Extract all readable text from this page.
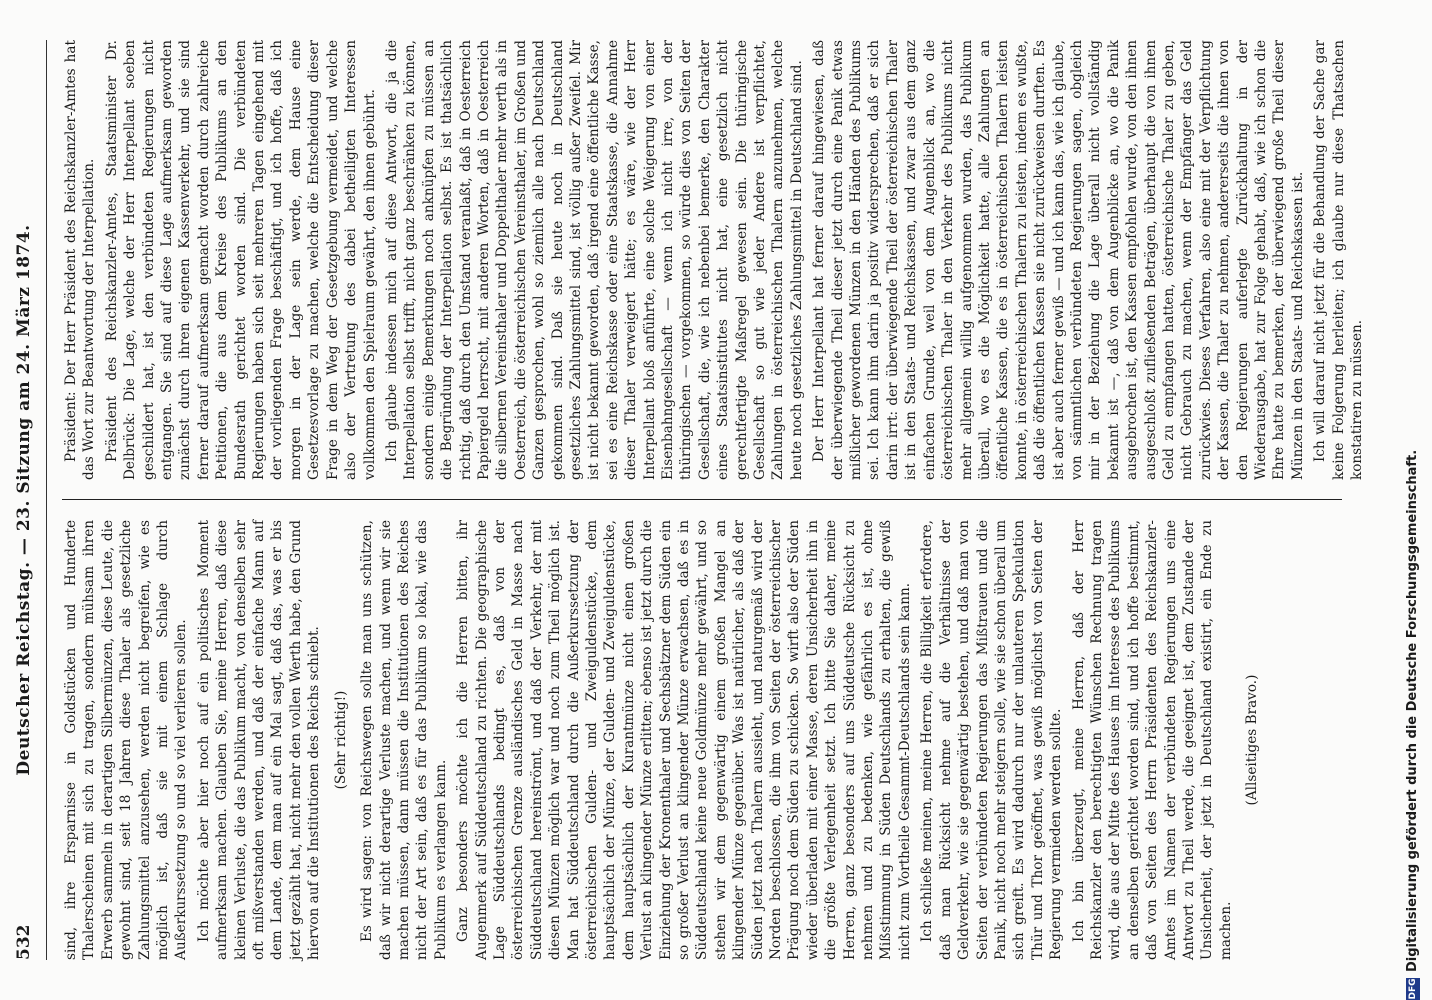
532
Deutscher Reichstag. — 23. Sitzung am 24. März 1874. sind, ihre Ersparnisse in Goldstücken und Hunderte Thalerscheinen mit sich zu tragen, sondern mühsam ihren Erwerb sammeln in derartigen Silbermünzen, diese Leute, die gewohnt sind, seit 18 Jahren diese Thaler als gesetzliche Zahlungsmittel anzusehen, werden nicht begreifen, wie es möglich ist, daß sie mit einem Schlage durch Außerkurssetzung so und so viel verlieren sollen. Ich möchte aber hier noch auf ein politisches Moment aufmerksam machen. Glauben Sie, meine Herren, daß diese kleinen Verluste, die das Publikum macht, von denselben sehr oft mißverstanden werden, und daß der einfache Mann auf dem Lande, dem man auf ein Mal sagt, daß das, was er bis jetzt gezählt hat, nicht mehr den vollen Werth habe, den Grund hiervon auf die Institutionen des Reichs schiebt. (Sehr richtig!) Es wird sagen: von Reichswegen sollte man uns schützen, daß wir nicht derartige Verluste machen, und wenn wir sie machen müssen, dann müssen die Institutionen des Reiches nicht der Art sein, daß es für das Publikum so lokal, wie das Publikum es verlangen kann. Ganz besonders möchte ich die Herren bitten, ihr Augenmerk auf Süddeutschland zu richten. Die geographische Lage Süddeutschlands bedingt es, daß von der österreichischen Grenze ausländisches Geld in Masse nach Süddeutschland hereinströmt, und daß der Verkehr, der mit diesen Münzen möglich war und noch zum Theil möglich ist. Man hat Süddeutschland durch die Außerkurssetzung der österreichischen Gulden- und Zweiguldenstücke, dem hauptsächlich der Münze, der Gulden- und Zweiguldenstücke, dem hauptsächlich der Kurantmünze nicht einen großen Verlust an klingender Münze erlitten; ebenso ist jetzt durch die Einziehung der Kronenthaler und Sechsbätzner dem Süden ein so großer Verlust an klingender Münze erwachsen, daß es in Süddeutschland keine neue Goldmünze mehr gewährt, und so stehen wir dem gegenwärtig einem großen Mangel an klingender Münze gegenüber. Was ist natürlicher, als daß der Süden jetzt nach Thalern aussieht, und naturgemäß wird der Norden beschlossen, die ihm von Seiten der österreichischer Prägung noch dem Süden zu schicken. So wirft also der Süden wieder überladen mit einer Masse, deren Unsicherheit ihn in die größte Verlegenheit setzt. Ich bitte Sie daher, meine Herren, ganz besonders auf uns Süddeutsche Rücksicht zu nehmen und zu bedenken, wie gefährlich es ist, ohne Mißstimmung in Süden Deutschlands zu erhalten, die gewiß nicht zum Vortheile Gesammt-Deutschlands sein kann. Ich schließe meinen, meine Herren, die Billigkeit erfordere, daß man Rücksicht nehme auf die Verhältnisse der Geldverkehr, wie sie gegenwärtig bestehen, und daß man von Seiten der verbündeten Regierungen das Mißtrauen und die Panik, nicht noch mehr steigern solle, wie sie schon überall um sich greift. Es wird dadurch nur der unlauteren Spekulation Thür und Thor geöffnet, was gewiß möglichst von Seiten der Regierung vermieden werden sollte. Ich bin überzeugt, meine Herren, daß der Herr Reichskanzler den berechtigten Wünschen Rechnung tragen wird, die aus der Mitte des Hauses im Interesse des Publikums an denselben gerichtet worden sind, und ich hoffe bestimmt, daß von Seiten des Herrn Präsidenten des Reichskanzler-Amtes im Namen der verbündeten Regierungen uns eine Antwort zu Theil werde, die geeignet ist, dem Zustande der Unsicherheit, der jetzt in Deutschland existirt, ein Ende zu machen.

(Allseitiges Bravo.)

Präsident: Der Herr Präsident des Reichskanzler-Amtes hat das Wort zur Beantwortung der Interpellation. Präsident des Reichskanzler-Amtes, Staatsminister Dr. Delbrück: Die Lage, welche der Herr Interpellant soeben geschildert hat, ist den verbündeten Regierungen nicht entgangen. Sie sind auf diese Lage aufmerksam geworden zunächst durch ihren eigenen Kassenverkehr, und sie sind ferner darauf aufmerksam gemacht worden durch zahlreiche Petitionen, die aus dem Kreise des Publikums an den Bundesrath gerichtet worden sind. Die verbündeten Regierungen haben sich seit mehreren Tagen eingehend mit der vorliegenden Frage beschäftigt, und ich hoffe, daß ich morgen in der Lage sein werde, dem Hause eine Gesetzesvorlage zu machen, welche die Entscheidung dieser Frage in dem Weg der Gesetzgebung vermeidet, und welche also der Vertretung des dabei betheiligten Interessen vollkommen den Spielraum gewährt, den ihnen gebührt. Ich glaube indessen mich auf diese Antwort, die ja die Interpellation selbst trifft, nicht ganz beschränken zu können, sondern einige Bemerkungen noch anknüpfen zu müssen an die Begründung der Interpellation selbst. Es ist thatsächlich richtig, daß durch den Umstand veranlaßt, daß in Oesterreich Papiergeld herrscht, mit anderen Worten, daß in Oesterreich die silbernen Vereinsthaler und Doppelthaler mehr werth als in Oesterreich, die österreichischen Vereinsthaler, im Großen und Ganzen gesprochen, wohl so ziemlich alle nach Deutschland gekommen sind. Daß sie heute noch in Deutschland gesetzliches Zahlungsmittel sind, ist völlig außer Zweifel. Mir ist nicht bekannt geworden, daß irgend eine öffentliche Kasse, sei es eine Reichskasse oder eine Staatskasse, die Annahme dieser Thaler verweigert hätte; es wäre, wie der Herr Interpellant bloß anführte, eine solche Weigerung von einer Eisenbahngesellschaft — wenn ich nicht irre, von der thüringischen — vorgekommen, so würde dies von Seiten der Gesellschaft, die, wie ich nebenbei bemerke, den Charakter eines Staatsinstitutes nicht hat, eine gesetzlich nicht gerechtfertigte Maßregel gewesen sein. Die thüringische Gesellschaft so gut wie jeder Andere ist verpflichtet, Zahlungen in österreichischen Thalern anzunehmen, welche heute noch gesetzliches Zahlungsmittel in Deutschland sind. Der Herr Interpellant hat ferner darauf hingewiesen, daß der überwiegende Theil dieser jetzt durch eine Panik etwas mißlicher gewordenen Münzen in den Händen des Publikums sei. Ich kann ihm darin ja positiv widersprechen, daß er sich darin irrt: der überwiegende Theil der österreichischen Thaler ist in den Staats- und Reichskassen, und zwar aus dem ganz einfachen Grunde, weil von dem Augenblick an, wo die österreichischen Thaler in den Verkehr des Publikums nicht mehr allgemein willig aufgenommen wurden, das Publikum überall, wo es die Möglichkeit hatte, alle Zahlungen an öffentliche Kassen, die es in österreichischen Thalern leisten konnte, in österreichischen Thalern zu leisten, indem es wußte, daß die öffentlichen Kassen sie nicht zurückweisen durften. Es ist aber auch ferner gewiß — und ich kann das, wie ich glaube, von sämmtlichen verbündeten Regierungen sagen, obgleich mir in der Beziehung die Lage überall nicht vollständig bekannt ist —, daß von dem Augenblicke an, wo die Panik ausgebrochen ist, den Kassen empfohlen wurde, von den ihnen ausgeschloßt zufließenden Beträgen, überhaupt die von ihnen Geld zu empfangen hatten, österreichische Thaler zu geben, nicht Gebrauch zu machen, wenn der Empfänger das Geld zurückwies. Dieses Verfahren, also eine mit der Verpflichtung der Kassen, die Thaler zu nehmen, andererseits die ihnen von den Regierungen auferlegte Zurückhaltung in der Wiederausgabe, hat zur Folge gehabt, daß, wie ich schon die Ehre hatte zu bemerken, der überwiegend große Theil dieser Münzen in den Staats- und Reichskassen ist. Ich will darauf nicht jetzt für die Behandlung der Sache gar keine Folgerung herleiten; ich glaube nur diese Thatsachen konstatiren zu müssen.

DFG
Digitalisierung gefördert durch die Deutsche Forschungsgemeinschaft.
